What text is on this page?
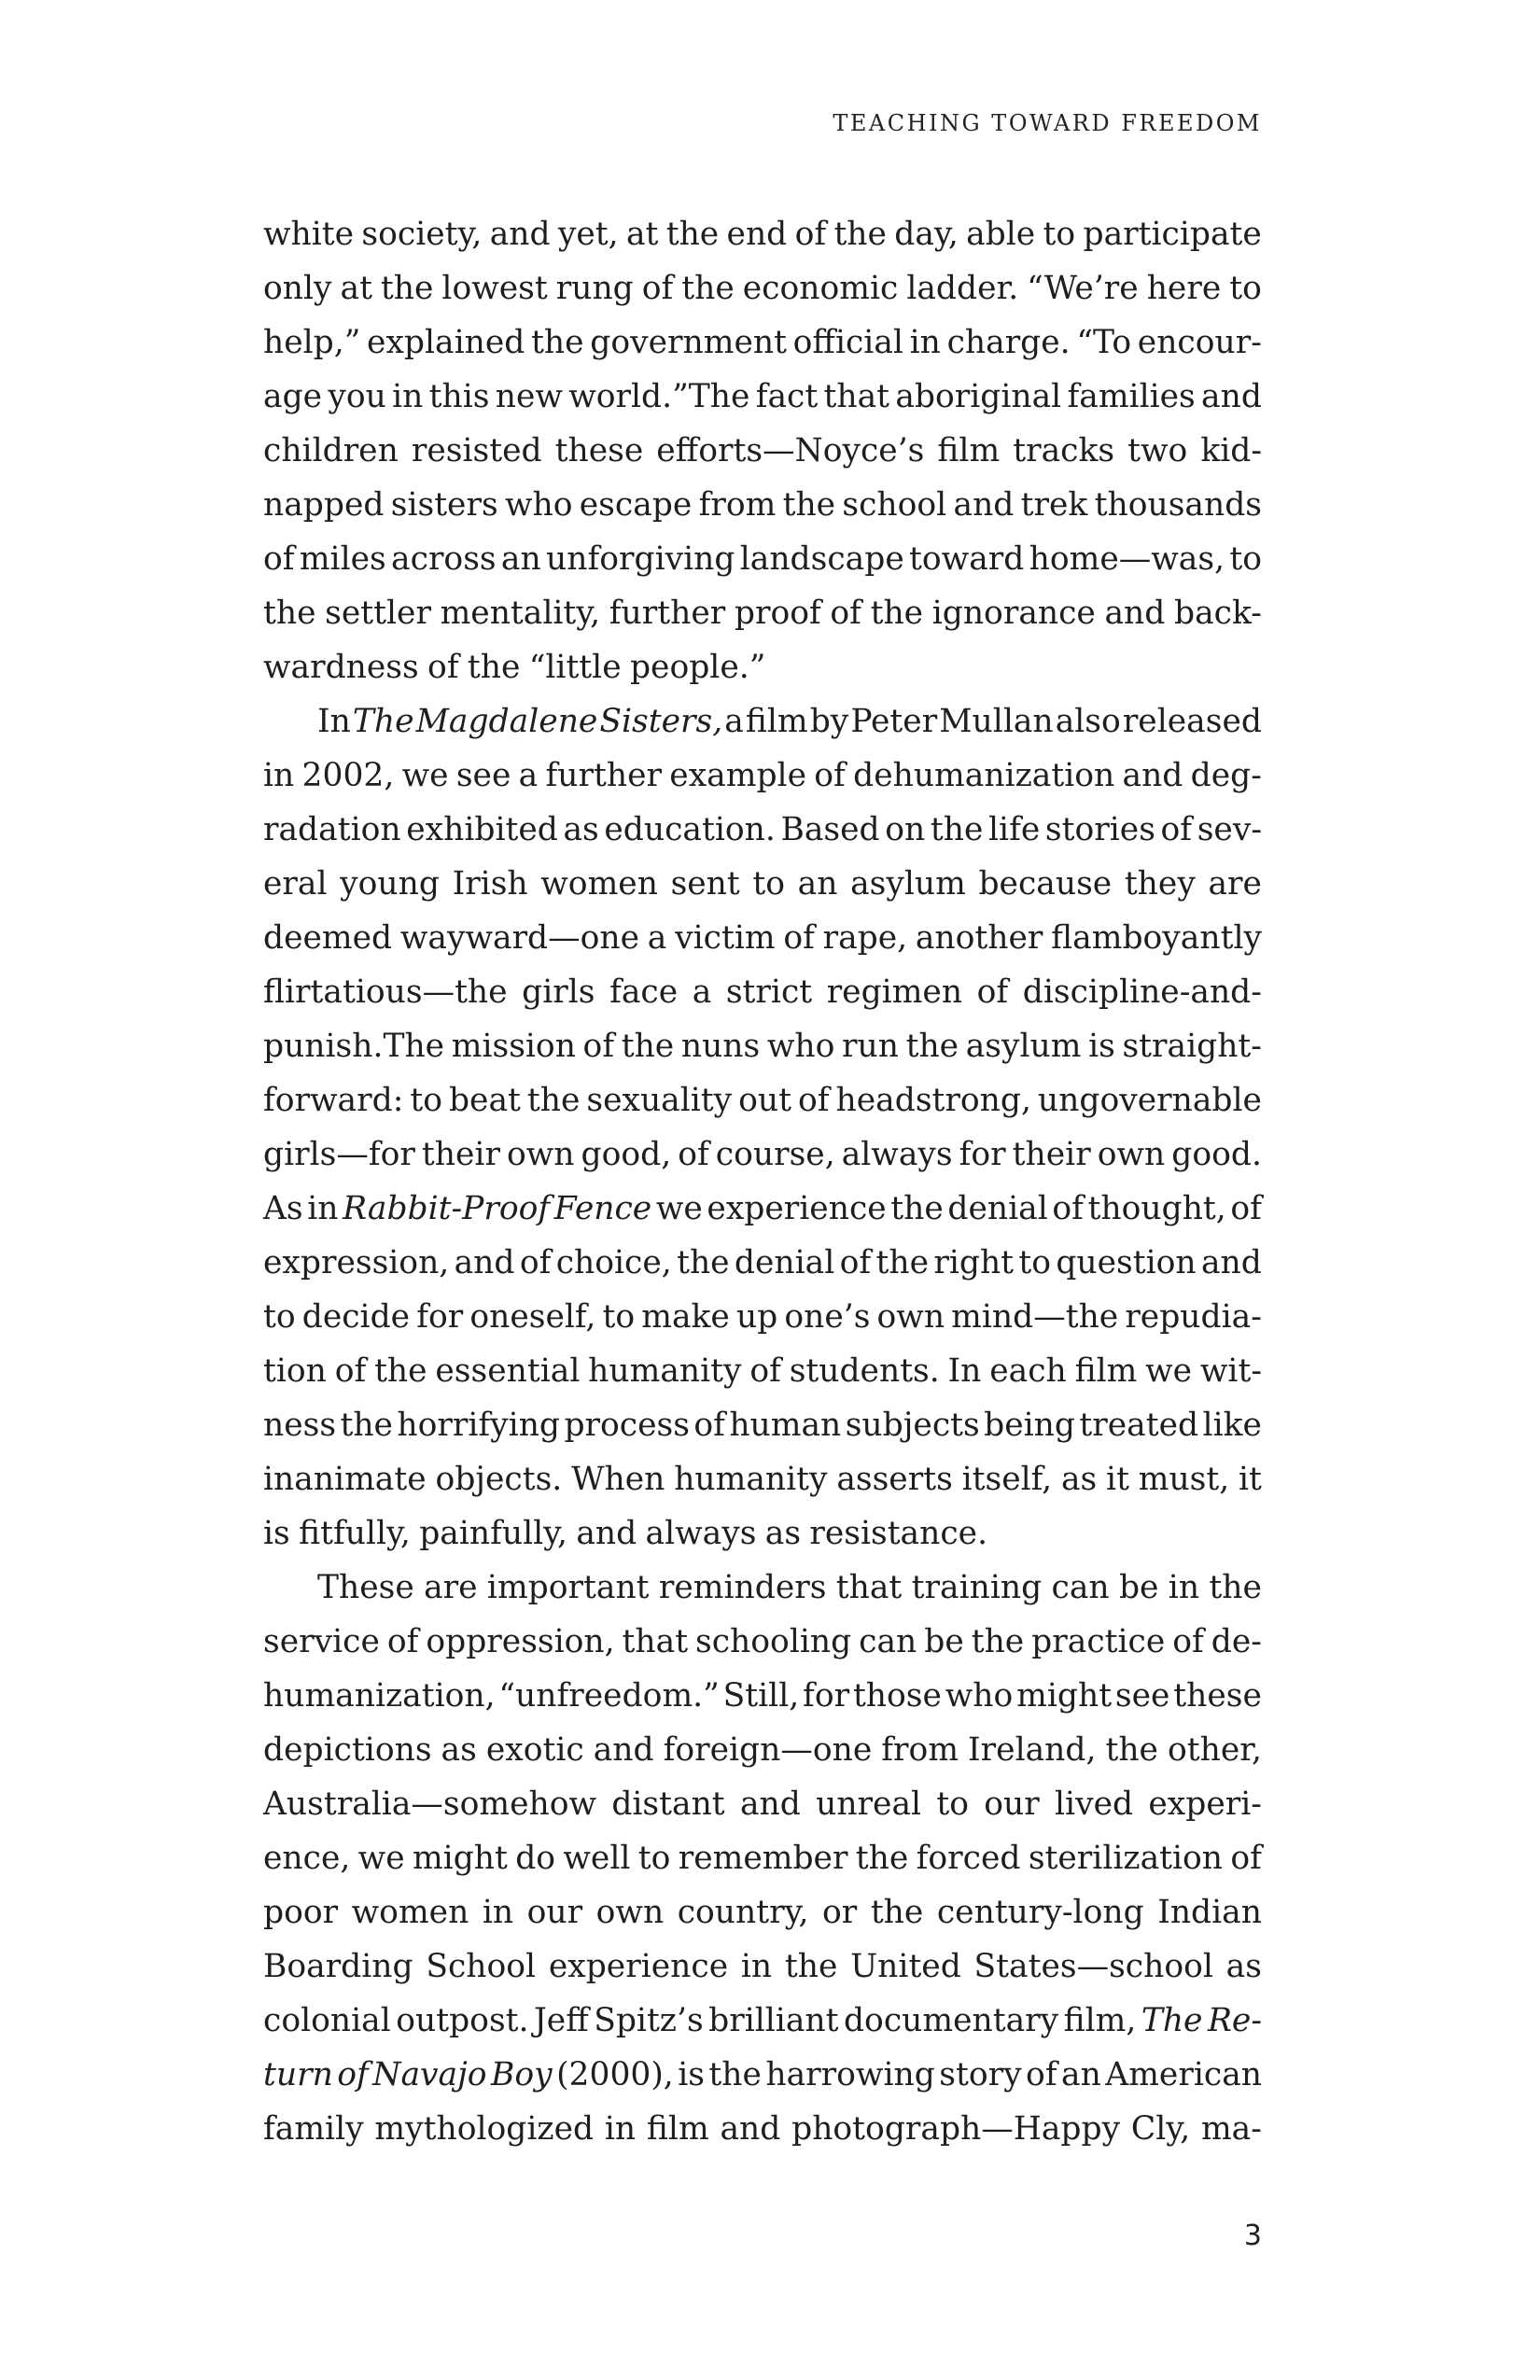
TEACHING TOWARD FREEDOM
white society, and yet, at the end of the day, able to participate
only at the lowest rung of the economic ladder. “We’re here to
help,” explained the government official in charge. “To encour-
age you in this new world.”The fact that aboriginal families and
children resisted these efforts—Noyce’s film tracks two kid-
napped sisters who escape from the school and trek thousands
of miles across an unforgiving landscape toward home—was, to
the settler mentality, further proof of the ignorance and back-
wardness of the “little people.”
In The Magdalene Sisters, a film by Peter Mullan also released
in 2002, we see a further example of dehumanization and deg-
radation exhibited as education. Based on the life stories of sev-
eral young Irish women sent to an asylum because they are
deemed wayward—one a victim of rape, another flamboyantly
flirtatious—the girls face a strict regimen of discipline-and-
punish.The mission of the nuns who run the asylum is straight-
forward: to beat the sexuality out of headstrong, ungovernable
girls—for their own good, of course, always for their own good.
As in Rabbit-Proof Fence we experience the denial of thought, of
expression, and of choice, the denial of the right to question and
to decide for oneself, to make up one’s own mind—the repudia-
tion of the essential humanity of students. In each film we wit-
ness the horrifying process of human subjects being treated like
inanimate objects. When humanity asserts itself, as it must, it
is fitfully, painfully, and always as resistance.
These are important reminders that training can be in the
service of oppression, that schooling can be the practice of de-
humanization, “unfreedom.” Still, for those who might see these
depictions as exotic and foreign—one from Ireland, the other,
Australia—somehow distant and unreal to our lived experi-
ence, we might do well to remember the forced sterilization of
poor women in our own country, or the century-long Indian
Boarding School experience in the United States—school as
colonial outpost. Jeff Spitz’s brilliant documentary film, The Re-
turn of Navajo Boy (2000), is the harrowing story of an American
family mythologized in film and photograph—Happy Cly, ma-
3
